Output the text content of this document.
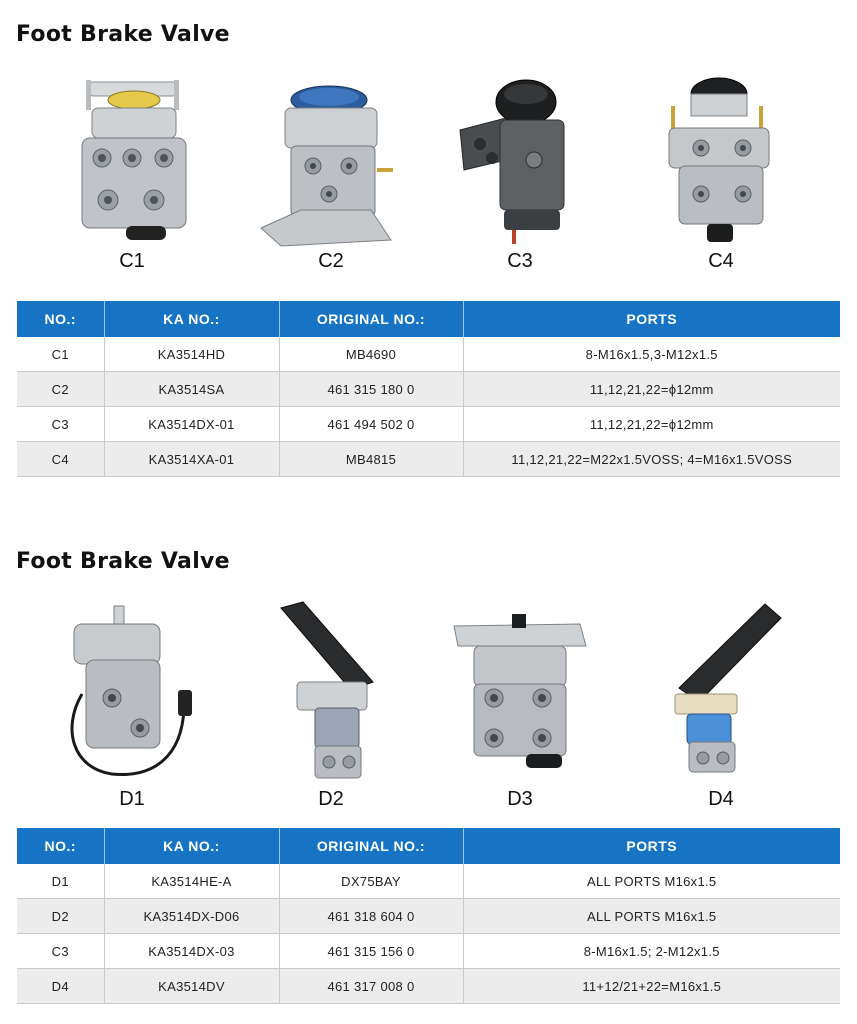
Foot Brake Valve
C1	C2	C3	C4
NO.:	KA NO.:	ORIGINAL NO.:	PORTS
C1	KA3514HD	MB4690	8-M16x1.5,3-M12x1.5
C2	KA3514SA	461 315 180 0	11,12,21,22=ϕ12mm
C3	KA3514DX-01	461 494 502 0	11,12,21,22=ϕ12mm
C4	KA3514XA-01	MB4815	11,12,21,22=M22x1.5VOSS; 4=M16x1.5VOSS
Foot Brake Valve
D1	D2	D3	D4
NO.:	KA NO.:	ORIGINAL NO.:	PORTS
D1	KA3514HE-A	DX75BAY	ALL PORTS M16x1.5
D2	KA3514DX-D06	461 318 604 0	ALL PORTS M16x1.5
C3	KA3514DX-03	461 315 156 0	8-M16x1.5; 2-M12x1.5
D4	KA3514DV	461 317 008 0	11+12/21+22=M16x1.5
